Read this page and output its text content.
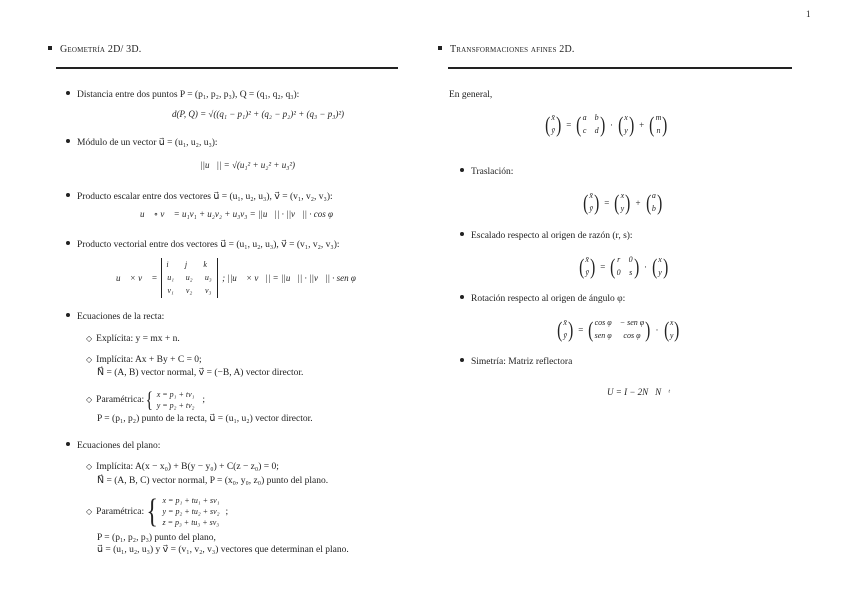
1
Geometría 2D/ 3D.
Distancia entre dos puntos P = (p₁, p₂, p₃), Q = (q₁, q₂, q₃):
d(P, Q) = √((q₁ − p₁)² + (q₂ − p₂)² + (q₃ − p₃)²)
Módulo de un vector u⃗ = (u₁, u₂, u₃):
||u⃗|| = √(u₁² + u₂² + u₃²)
Producto escalar entre dos vectores u⃗ = (u₁, u₂, u₃), v⃗ = (v₁, v₂, v₃):
u⃗ ∘ v⃗ = u₁v₁ + u₂v₂ + u₃v₃ = ||u⃗|| · ||v⃗|| · cos φ
Producto vectorial entre dos vectores u⃗ = (u₁, u₂, u₃), v⃗ = (v₁, v₂, v₃):
u⃗ × v⃗ =
i⃗ j⃗ k⃗
u₁ u₂ u₃
v₁ v₂ v₃
; ||u⃗ × v⃗|| = ||u⃗|| · ||v⃗|| · sen φ
Ecuaciones de la recta:
◇ Explícita: y = mx + n.
◇ Implícita: Ax + By + C = 0;
N⃗ = (A, B) vector normal, v⃗ = (−B, A) vector director.
◇ Paramétrica: { x = p₁ + tv₁
y = p₂ + tv₂
;
P = (p₁, p₂) punto de la recta, u⃗ = (u₁, u₂) vector director.
Ecuaciones del plano:
◇ Implícita: A(x − x₀) + B(y − y₀) + C(z − z₀) = 0;
N⃗ = (A, B, C) vector normal, P = (x₀, y₀, z₀) punto del plano.
◇ Paramétrica: { x = p₁ + tu₁ + sv₁
y = p₂ + tu₂ + sv₂
z = p₃ + tu₃ + sv₃
;
P = (p₁, p₂, p₃) punto del plano,
u⃗ = (u₁, u₂, u₃) y v⃗ = (v₁, v₂, v₃) vectores que determinan el plano.
Transformaciones afines 2D.
En general,
( x̄
ȳ ) = ( a b
c d ) · ( x
y ) + ( m
n )
Traslación:
( x̄
ȳ ) = ( x
y ) + ( a
b )
Escalado respecto al origen de razón (r, s):
( x̄
ȳ ) = ( r 0
0 s ) · ( x
y )
Rotación respecto al origen de ángulo φ:
( x̄
ȳ ) = ( cos φ − sen φ
sen φ	cos φ ) · ( x
y )
Simetría: Matriz reflectora
U = I − 2N⃗N⃗ᵗ
